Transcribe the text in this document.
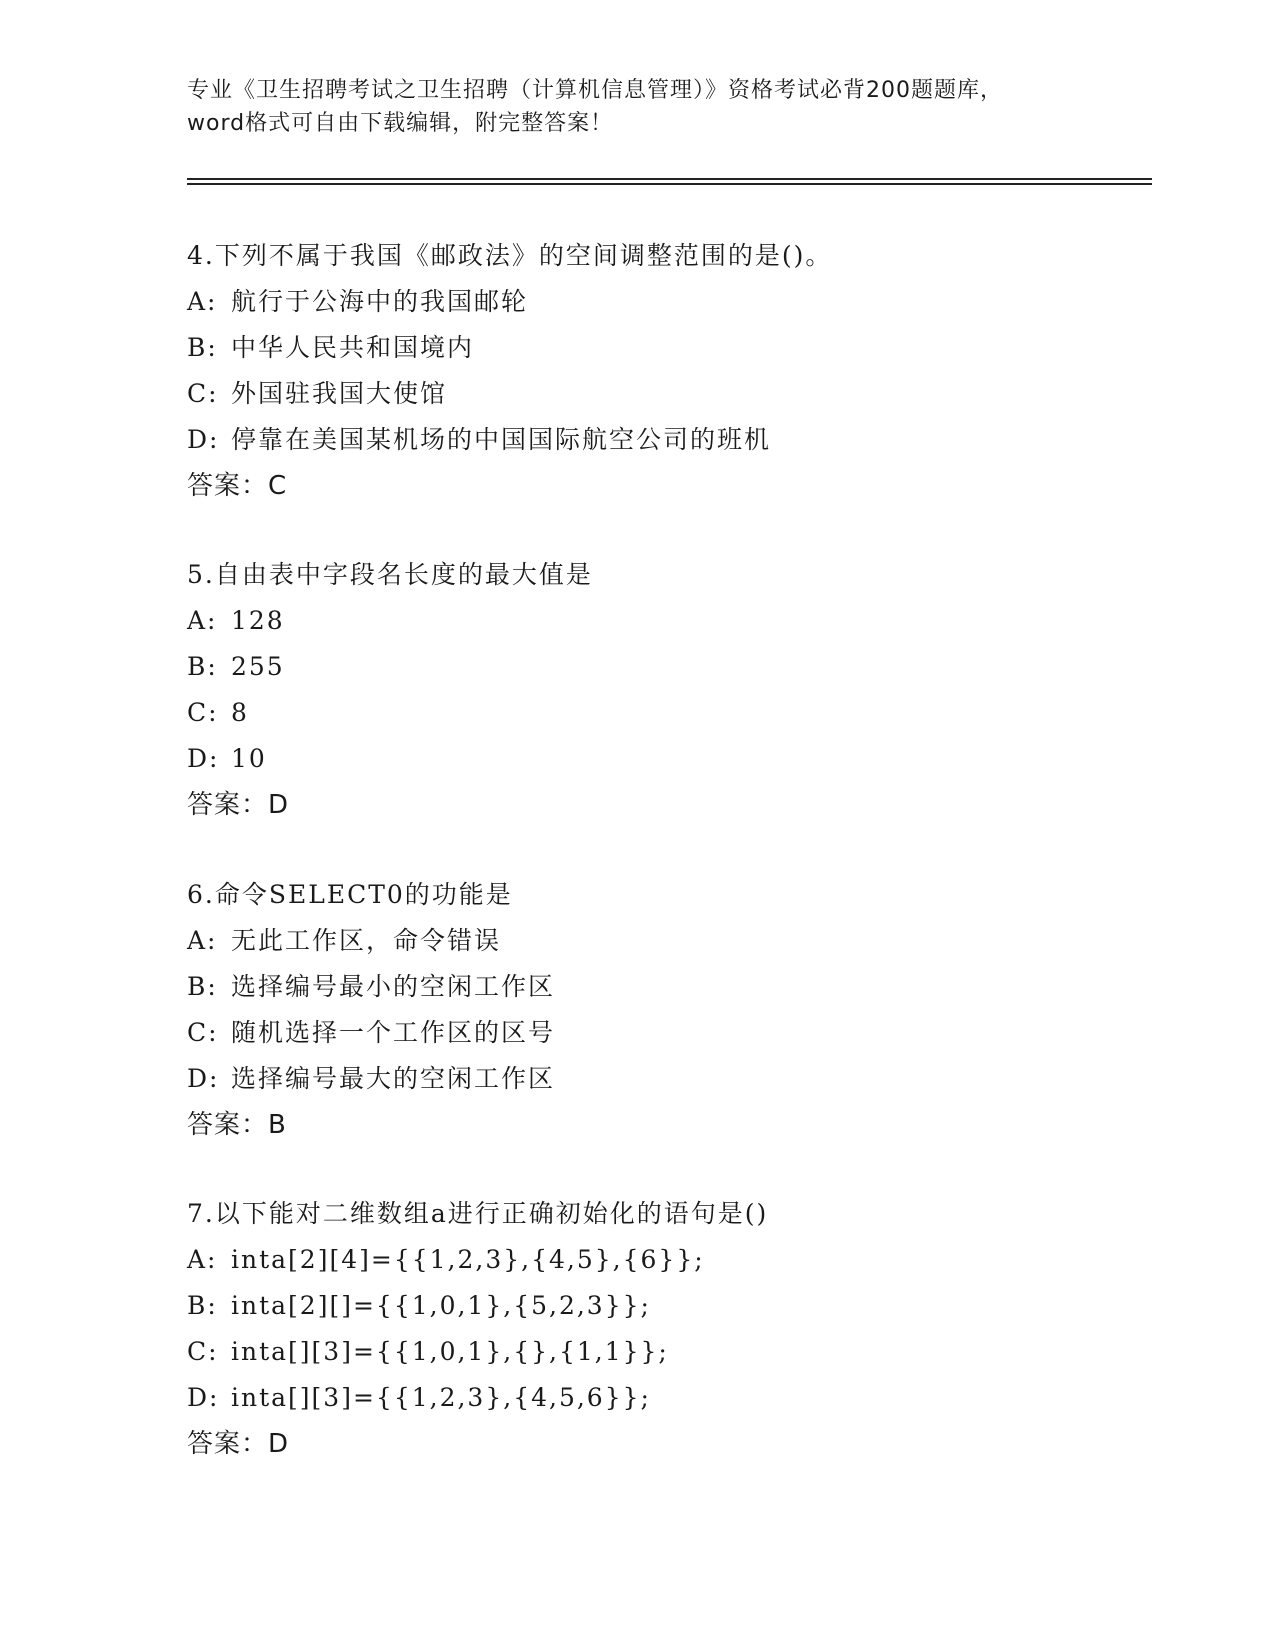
专业《卫生招聘考试之卫生招聘（计算机信息管理）》资格考试必背200题题库，
word格式可自由下载编辑，附完整答案！
4.下列不属于我国《邮政法》的空间调整范围的是()。
A: 航行于公海中的我国邮轮
B: 中华人民共和国境内
C: 外国驻我国大使馆
D: 停靠在美国某机场的中国国际航空公司的班机
答案：C
5.自由表中字段名长度的最大值是
A: 128
B: 255
C: 8
D: 10
答案：D
6.命令SELECT0的功能是
A: 无此工作区，命令错误
B: 选择编号最小的空闲工作区
C: 随机选择一个工作区的区号
D: 选择编号最大的空闲工作区
答案：B
7.以下能对二维数组a进行正确初始化的语句是()
A: inta[2][4]={{1,2,3},{4,5},{6}};
B: inta[2][]={{1,0,1},{5,2,3}};
C: inta[][3]={{1,0,1},{},{1,1}};
D: inta[][3]={{1,2,3},{4,5,6}};
答案：D
